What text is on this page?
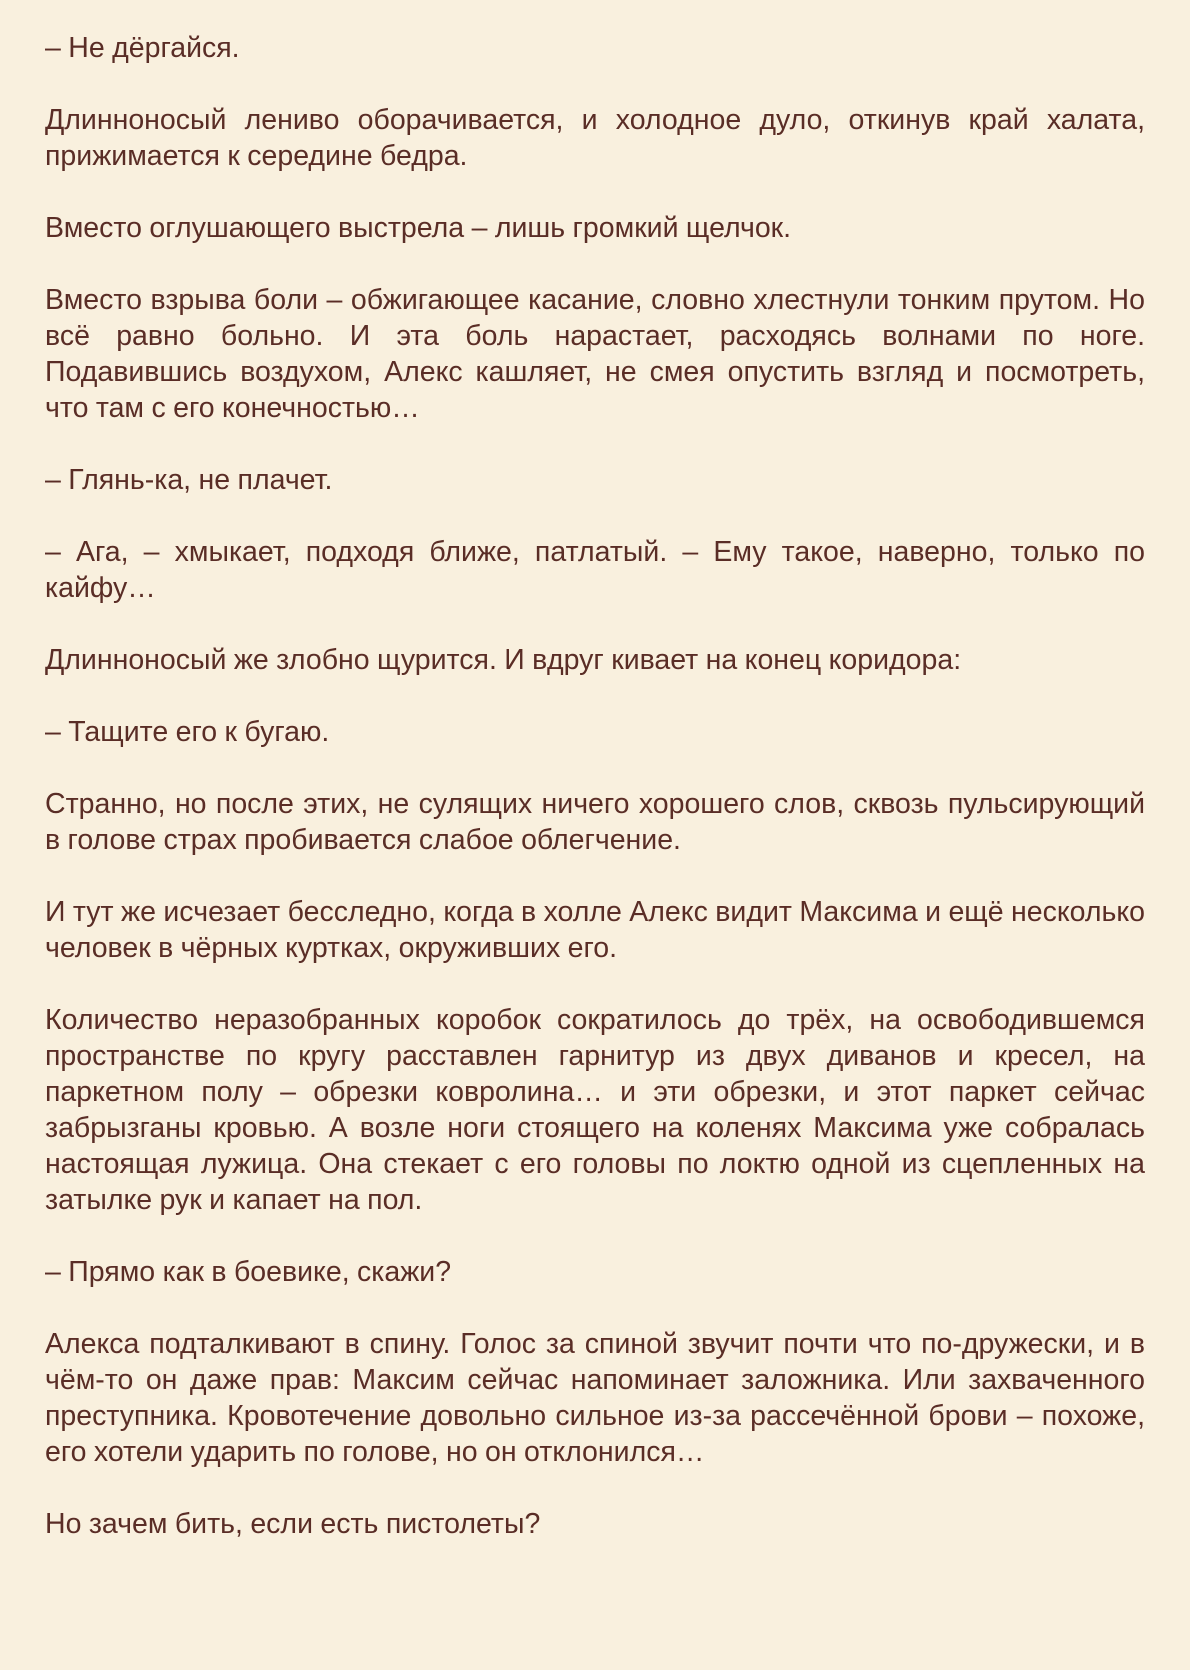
– Не дёргайся.

Длинноносый лениво оборачивается, и холодное дуло, откинув край халата, прижимается к середине бедра.

Вместо оглушающего выстрела – лишь громкий щелчок.

Вместо взрыва боли – обжигающее касание, словно хлестнули тонким прутом. Но всё равно больно. И эта боль нарастает, расходясь волнами по ноге. Подавившись воздухом, Алекс кашляет, не смея опустить взгляд и посмотреть, что там с его конечностью…

– Глянь-ка, не плачет.

– Ага, – хмыкает, подходя ближе, патлатый. – Ему такое, наверно, только по кайфу…

Длинноносый же злобно щурится. И вдруг кивает на конец коридора:

– Тащите его к бугаю.

Странно, но после этих, не сулящих ничего хорошего слов, сквозь пульсирующий в голове страх пробивается слабое облегчение.

И тут же исчезает бесследно, когда в холле Алекс видит Максима и ещё несколько человек в чёрных куртках, окруживших его.

Количество неразобранных коробок сократилось до трёх, на освободившемся пространстве по кругу расставлен гарнитур из двух диванов и кресел, на паркетном полу – обрезки ковролина… и эти обрезки, и этот паркет сейчас забрызганы кровью. А возле ноги стоящего на коленях Максима уже собралась настоящая лужица. Она стекает с его головы по локтю одной из сцепленных на затылке рук и капает на пол.

– Прямо как в боевике, скажи?

Алекса подталкивают в спину. Голос за спиной звучит почти что по-дружески, и в чём-то он даже прав: Максим сейчас напоминает заложника. Или захваченного преступника. Кровотечение довольно сильное из-за рассечённой брови – похоже, его хотели ударить по голове, но он отклонился…

Но зачем бить, если есть пистолеты?
